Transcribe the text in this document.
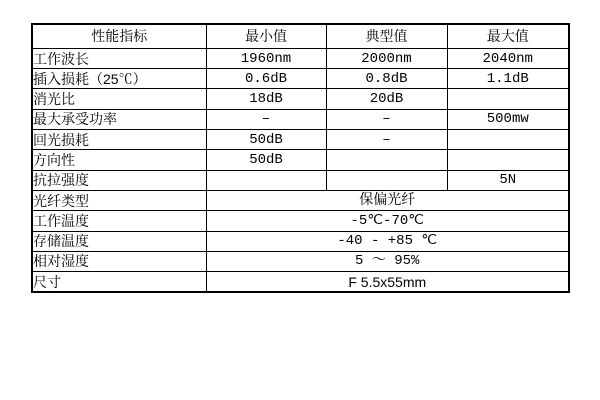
性能指标	最小值	典型值	最大值
工作波长	1960nm	2000nm	2040nm
插入损耗（25℃）	0.6dB	0.8dB	1.1dB
消光比	18dB	20dB	
最大承受功率	–	–	500mw
回光损耗	50dB	–	
方向性	50dB		
抗拉强度			5N
光纤类型	保偏光纤		
工作温度	-5℃-70℃		
存储温度	-40 - +85 ℃		
相对湿度	5 ～ 95%		
尺寸	F 5.5x55mm		
